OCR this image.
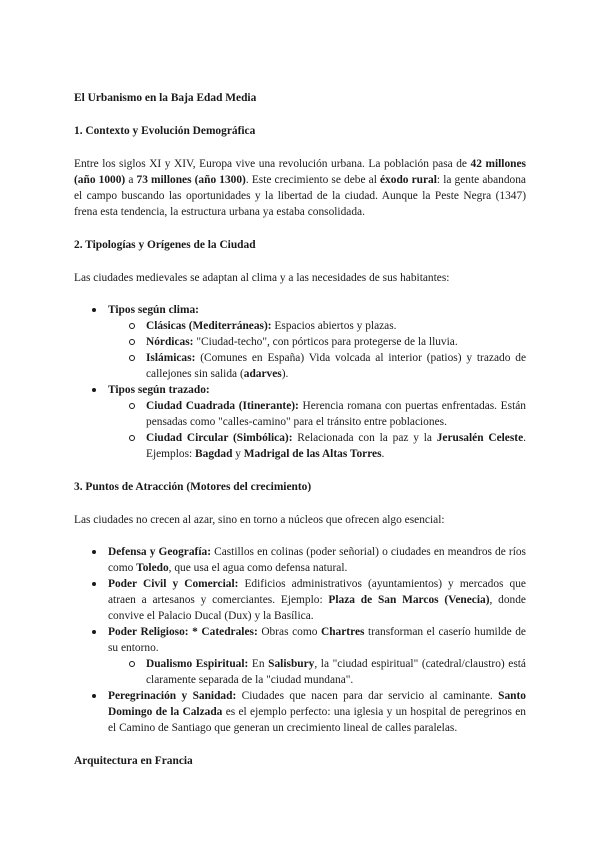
El Urbanismo en la Baja Edad Media

1. Contexto y Evolución Demográfica

Entre los siglos XI y XIV, Europa vive una revolución urbana. La población pasa de 42 millones (año 1000) a 73 millones (año 1300). Este crecimiento se debe al éxodo rural: la gente abandona el campo buscando las oportunidades y la libertad de la ciudad. Aunque la Peste Negra (1347) frena esta tendencia, la estructura urbana ya estaba consolidada.

2. Tipologías y Orígenes de la Ciudad

Las ciudades medievales se adaptan al clima y a las necesidades de sus habitantes:

Tipos según clima:
Clásicas (Mediterráneas): Espacios abiertos y plazas.
Nórdicas: "Ciudad-techo", con pórticos para protegerse de la lluvia.
Islámicas: (Comunes en España) Vida volcada al interior (patios) y trazado de callejones sin salida (adarves).
Tipos según trazado:
Ciudad Cuadrada (Itinerante): Herencia romana con puertas enfrentadas. Están pensadas como "calles-camino" para el tránsito entre poblaciones.
Ciudad Circular (Simbólica): Relacionada con la paz y la Jerusalén Celeste. Ejemplos: Bagdad y Madrigal de las Altas Torres.
3. Puntos de Atracción (Motores del crecimiento)

Las ciudades no crecen al azar, sino en torno a núcleos que ofrecen algo esencial:

Defensa y Geografía: Castillos en colinas (poder señorial) o ciudades en meandros de ríos como Toledo, que usa el agua como defensa natural.
Poder Civil y Comercial: Edificios administrativos (ayuntamientos) y mercados que atraen a artesanos y comerciantes. Ejemplo: Plaza de San Marcos (Venecia), donde convive el Palacio Ducal (Dux) y la Basílica.
Poder Religioso: * Catedrales: Obras como Chartres transforman el caserío humilde de su entorno.
Dualismo Espiritual: En Salisbury, la "ciudad espiritual" (catedral/claustro) está claramente separada de la "ciudad mundana".
Peregrinación y Sanidad: Ciudades que nacen para dar servicio al caminante. Santo Domingo de la Calzada es el ejemplo perfecto: una iglesia y un hospital de peregrinos en el Camino de Santiago que generan un crecimiento lineal de calles paralelas.
Arquitectura en Francia
